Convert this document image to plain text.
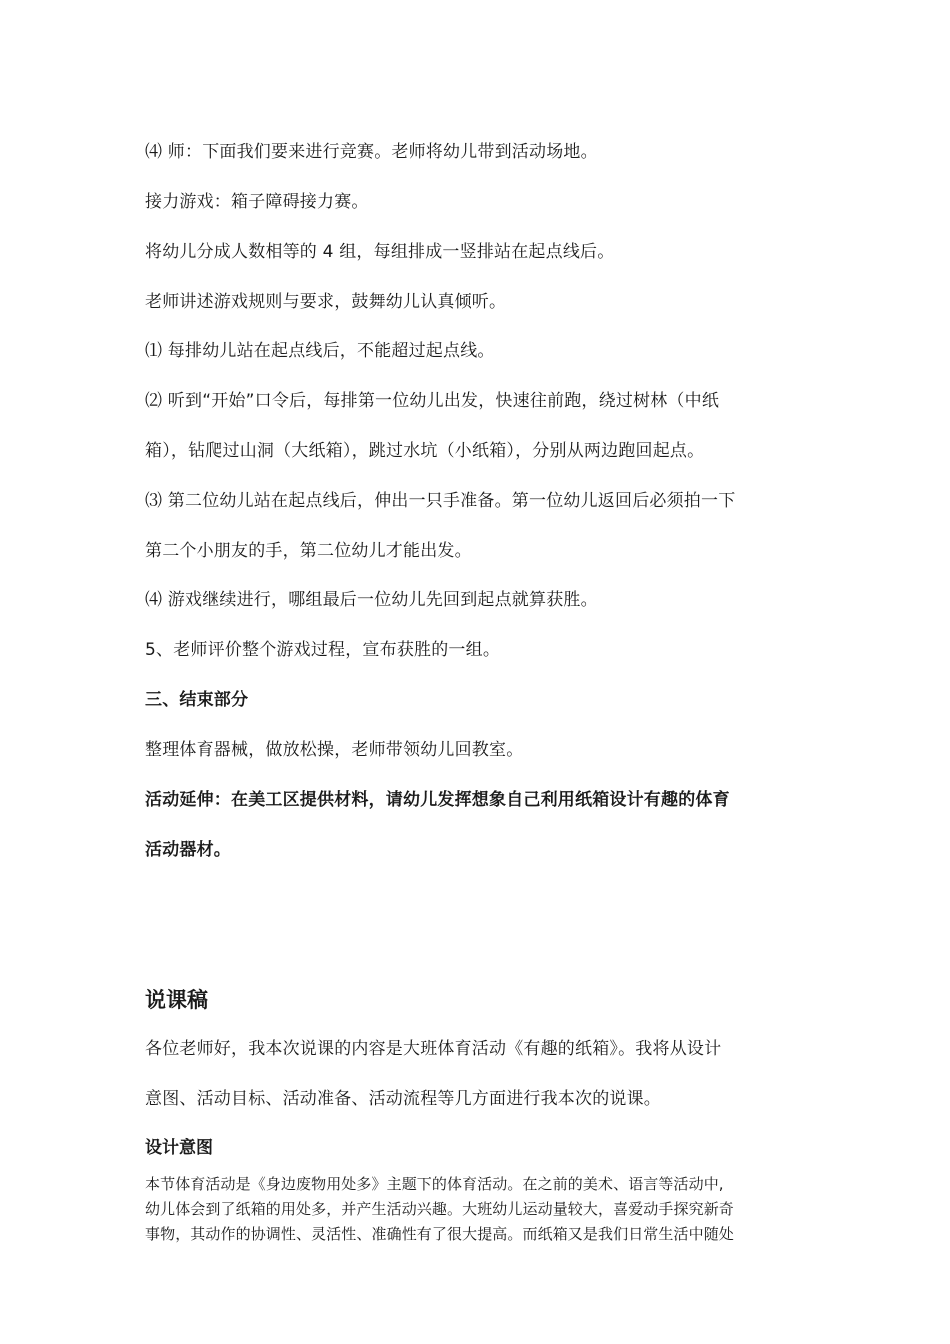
⑷ 师：下面我们要来进行竞赛。老师将幼儿带到活动场地。
接力游戏：箱子障碍接力赛。
将幼儿分成人数相等的 4 组，每组排成一竖排站在起点线后。
老师讲述游戏规则与要求，鼓舞幼儿认真倾听。
⑴ 每排幼儿站在起点线后，不能超过起点线。
⑵ 听到“开始”口令后，每排第一位幼儿出发，快速往前跑，绕过树林（中纸
箱），钻爬过山洞（大纸箱），跳过水坑（小纸箱），分别从两边跑回起点。
⑶ 第二位幼儿站在起点线后，伸出一只手准备。第一位幼儿返回后必须拍一下
第二个小朋友的手，第二位幼儿才能出发。
⑷ 游戏继续进行，哪组最后一位幼儿先回到起点就算获胜。
5、老师评价整个游戏过程，宣布获胜的一组。
三、结束部分
整理体育器械，做放松操，老师带领幼儿回教室。
活动延伸：在美工区提供材料，请幼儿发挥想象自己利用纸箱设计有趣的体育
活动器材。
说课稿
各位老师好，我本次说课的内容是大班体育活动《有趣的纸箱》。我将从设计
意图、活动目标、活动准备、活动流程等几方面进行我本次的说课。
设计意图
本节体育活动是《身边废物用处多》主题下的体育活动。在之前的美术、语言等活动中,
幼儿体会到了纸箱的用处多，并产生活动兴趣。大班幼儿运动量较大，喜爱动手探究新奇
事物，其动作的协调性、灵活性、准确性有了很大提高。而纸箱又是我们日常生活中随处
